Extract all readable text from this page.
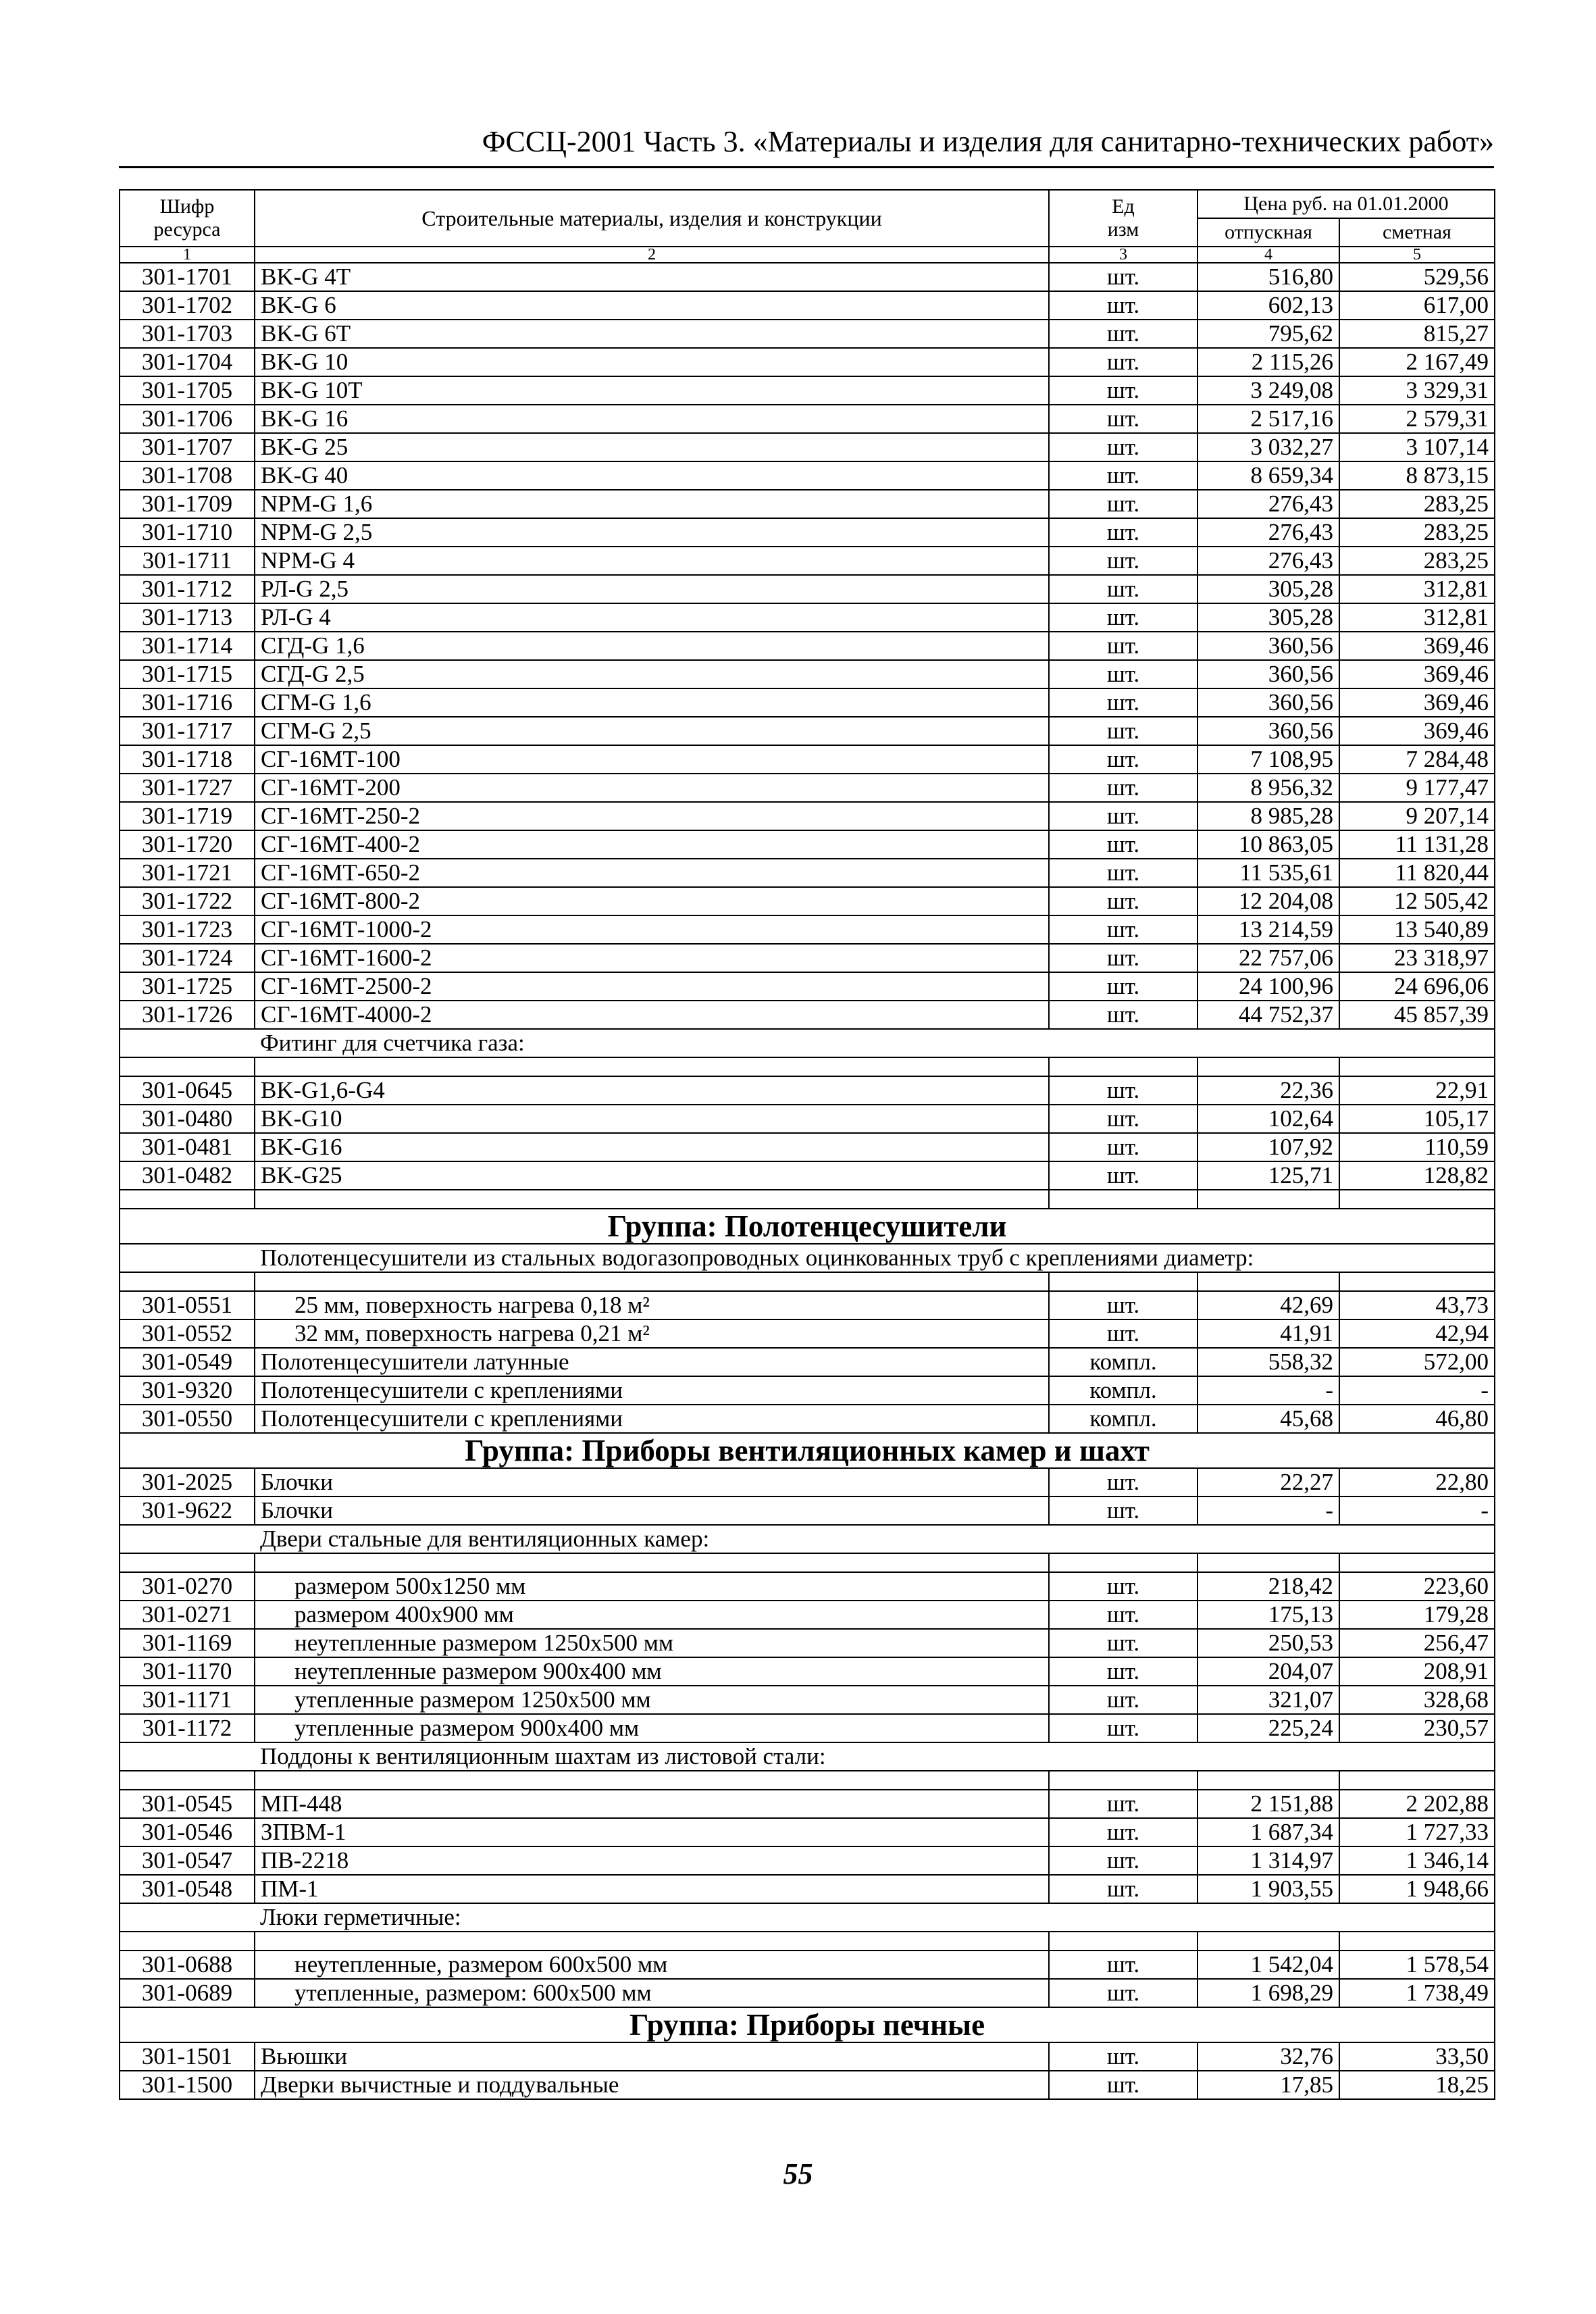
ФССЦ-2001 Часть 3. «Материалы и изделия для санитарно-технических работ»
Шифр ресурса	Строительные материалы, изделия и конструкции	Ед изм	Цена руб. на 01.01.2000	
			отпускная	сметная
1	2	3	4	5
301-1701	BK-G 4T	шт.	516,80	529,56
301-1702	BK-G 6	шт.	602,13	617,00
301-1703	BK-G 6T	шт.	795,62	815,27
301-1704	BK-G 10	шт.	2 115,26	2 167,49
301-1705	BK-G 10T	шт.	3 249,08	3 329,31
301-1706	BK-G 16	шт.	2 517,16	2 579,31
301-1707	BK-G 25	шт.	3 032,27	3 107,14
301-1708	BK-G 40	шт.	8 659,34	8 873,15
301-1709	NPM-G 1,6	шт.	276,43	283,25
301-1710	NPM-G 2,5	шт.	276,43	283,25
301-1711	NPM-G 4	шт.	276,43	283,25
301-1712	РЛ-G 2,5	шт.	305,28	312,81
301-1713	РЛ-G 4	шт.	305,28	312,81
301-1714	СГД-G 1,6	шт.	360,56	369,46
301-1715	СГД-G 2,5	шт.	360,56	369,46
301-1716	СГМ-G 1,6	шт.	360,56	369,46
301-1717	СГМ-G 2,5	шт.	360,56	369,46
301-1718	СГ-16МТ-100	шт.	7 108,95	7 284,48
301-1727	СГ-16МТ-200	шт.	8 956,32	9 177,47
301-1719	СГ-16МТ-250-2	шт.	8 985,28	9 207,14
301-1720	СГ-16МТ-400-2	шт.	10 863,05	11 131,28
301-1721	СГ-16МТ-650-2	шт.	11 535,61	11 820,44
301-1722	СГ-16МТ-800-2	шт.	12 204,08	12 505,42
301-1723	СГ-16МТ-1000-2	шт.	13 214,59	13 540,89
301-1724	СГ-16МТ-1600-2	шт.	22 757,06	23 318,97
301-1725	СГ-16МТ-2500-2	шт.	24 100,96	24 696,06
301-1726	СГ-16МТ-4000-2	шт.	44 752,37	45 857,39
	Фитинг для счетчика газа:			

301-0645	BK-G1,6-G4	шт.	22,36	22,91
301-0480	BK-G10	шт.	102,64	105,17
301-0481	BK-G16	шт.	107,92	110,59
301-0482	BK-G25	шт.	125,71	128,82

Группа: Полотенцесушители				
	Полотенцесушители из стальных водогазопроводных оцинкованных труб с креплениями диаметр:			

301-0551	25 мм, поверхность нагрева 0,18 м²	шт.	42,69	43,73
301-0552	32 мм, поверхность нагрева 0,21 м²	шт.	41,91	42,94
301-0549	Полотенцесушители латунные	компл.	558,32	572,00
301-9320	Полотенцесушители с креплениями	компл.	-	-
301-0550	Полотенцесушители с креплениями	компл.	45,68	46,80
Группа: Приборы вентиляционных камер и шахт				
301-2025	Блочки	шт.	22,27	22,80
301-9622	Блочки	шт.	-	-
	Двери стальные для вентиляционных камер:			

301-0270	размером 500х1250 мм	шт.	218,42	223,60
301-0271	размером 400х900 мм	шт.	175,13	179,28
301-1169	неутепленные размером 1250х500 мм	шт.	250,53	256,47
301-1170	неутепленные размером 900х400 мм	шт.	204,07	208,91
301-1171	утепленные размером 1250х500 мм	шт.	321,07	328,68
301-1172	утепленные размером 900х400 мм	шт.	225,24	230,57
	Поддоны к вентиляционным шахтам из листовой стали:			

301-0545	МП-448	шт.	2 151,88	2 202,88
301-0546	ЗПВМ-1	шт.	1 687,34	1 727,33
301-0547	ПВ-2218	шт.	1 314,97	1 346,14
301-0548	ПМ-1	шт.	1 903,55	1 948,66
	Люки герметичные:			

301-0688	неутепленные, размером 600х500 мм	шт.	1 542,04	1 578,54
301-0689	утепленные, размером: 600х500 мм	шт.	1 698,29	1 738,49
Группа: Приборы печные				
301-1501	Вьюшки	шт.	32,76	33,50
301-1500	Дверки вычистные и поддувальные	шт.	17,85	18,25
55
